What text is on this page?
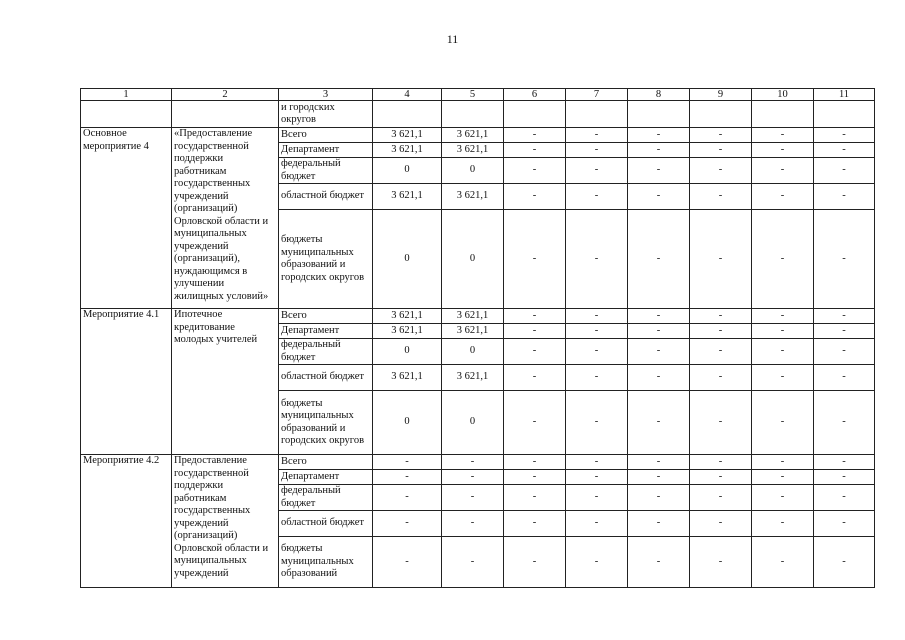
11
1	2	3	4	5	6	7	8	9	10	11
		и городских округов								
Основное мероприятие 4	«Предоставление государственной поддержки работникам государственных учреждений (организаций) Орловской области и муниципальных учреждений (организаций), нуждающимся в улучшении жилищных условий»	Всего	3 621,1	3 621,1	-	-	-	-	-	-
		Департамент	3 621,1	3 621,1	-	-	-	-	-	-
		федеральный бюджет	0	0	-	-	-	-	-	-
		областной бюджет	3 621,1	3 621,1	-	-	-	-	-	-
		бюджеты муниципальных образований и городских округов	0	0	-	-	-	-	-	-
Мероприятие 4.1	Ипотечное кредитование молодых учителей	Всего	3 621,1	3 621,1	-	-	-	-	-	-
		Департамент	3 621,1	3 621,1	-	-	-	-	-	-
		федеральный бюджет	0	0	-	-	-	-	-	-
		областной бюджет	3 621,1	3 621,1	-	-	-	-	-	-
		бюджеты муниципальных образований и городских округов	0	0	-	-	-	-	-	-
Мероприятие 4.2	Предоставление государственной поддержки работникам государственных учреждений (организаций) Орловской области и муниципальных учреждений	Всего	-	-	-	-	-	-	-	-
		Департамент	-	-	-	-	-	-	-	-
		федеральный бюджет	-	-	-	-	-	-	-	-
		областной бюджет	-	-	-	-	-	-	-	-
		бюджеты муниципальных образований	-	-	-	-	-	-	-	-
